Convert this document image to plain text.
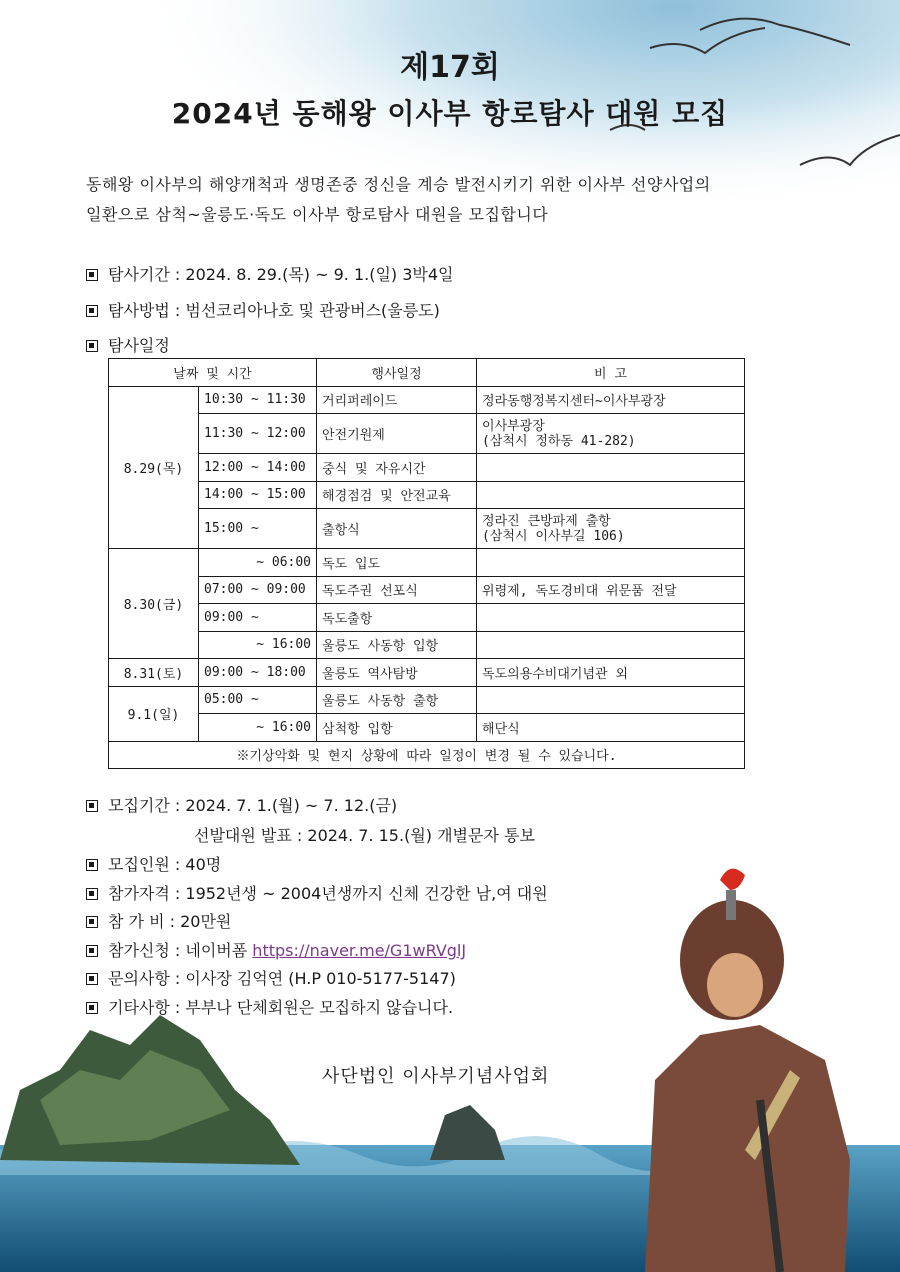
제17회
2024년 동해왕 이사부 항로탐사 대원 모집
동해왕 이사부의 해양개척과 생명존중 정신을 계승 발전시키기 위한 이사부 선양사업의
일환으로 삼척~울릉도·독도 이사부 항로탐사 대원을 모집합니다
탐사기간 : 2024. 8. 29.(목) ~ 9. 1.(일) 3박4일
탐사방법 : 범선코리아나호 및 관광버스(울릉도)
탐사일정
날짜 및 시간		행사일정	비 고
8.29(목)	10:30 ~ 11:30	거리퍼레이드	정라동행정복지센터~이사부광장
	11:30 ~ 12:00	안전기원제	이사부광장
(삼척시 정하동 41-282)
	12:00 ~ 14:00	중식 및 자유시간	
	14:00 ~ 15:00	해경점검 및 안전교육	
	15:00 ~	출항식	정라진 큰방파제 출항
(삼척시 이사부길 106)
8.30(금)	~ 06:00	독도 입도	
	07:00 ~ 09:00	독도주권 선포식	위령제, 독도경비대 위문품 전달
	09:00 ~	독도출항	
	~ 16:00	울릉도 사동항 입항	
8.31(토)	09:00 ~ 18:00	울릉도 역사탐방	독도의용수비대기념관 외
9.1(일)	05:00 ~	울릉도 사동항 출항	
	~ 16:00	삼척항 입항	해단식
※기상악화 및 현지 상황에 따라 일정이 변경 될 수 있습니다.			
모집기간 : 2024. 7. 1.(월) ~ 7. 12.(금)
선발대원 발표 : 2024. 7. 15.(월) 개별문자 통보
모집인원 : 40명
참가자격 : 1952년생 ~ 2004년생까지 신체 건강한 남,여 대원
참 가 비 : 20만원
참가신청 : 네이버폼 https://naver.me/G1wRVglJ
문의사항 : 이사장 김억연 (H.P 010-5177-5147)
기타사항 : 부부나 단체회원은 모집하지 않습니다.
사단법인 이사부기념사업회
